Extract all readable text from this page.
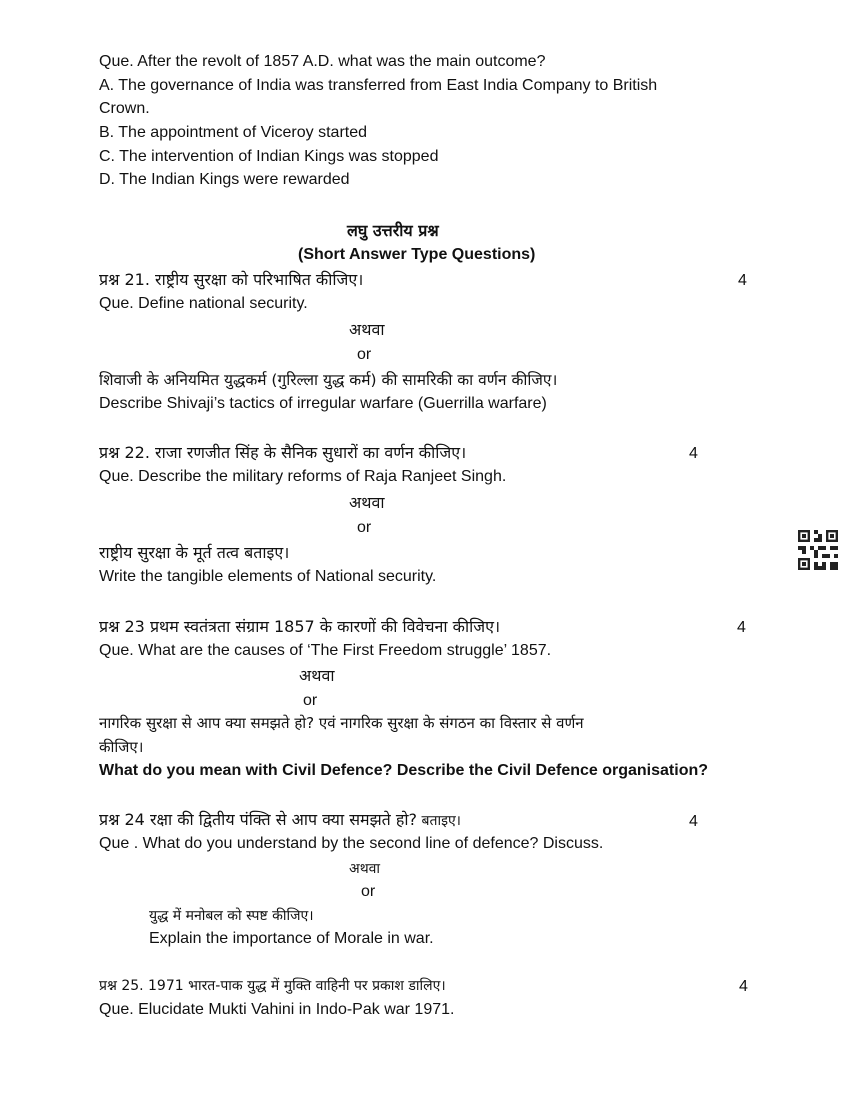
Que. After the revolt of 1857 A.D. what was the main outcome?
A. The governance of India was transferred from East India Company to British
Crown.
B. The appointment of Viceroy started
C. The intervention of Indian Kings was stopped
D. The Indian Kings were rewarded
लघु उत्तरीय प्रश्न
(Short Answer Type Questions)
प्रश्न 21. राष्ट्रीय सुरक्षा को परिभाषित कीजिए।	4
Que. Define national security.
अथवा
or
शिवाजी के अनियमित युद्धकर्म (गुरिल्ला युद्ध कर्म) की सामरिकी का वर्णन कीजिए।
Describe Shivaji’s tactics of irregular warfare (Guerrilla warfare)
प्रश्न 22. राजा रणजीत सिंह के सैनिक सुधारों का वर्णन कीजिए।	4
Que. Describe the military reforms of Raja Ranjeet Singh.
अथवा
or
राष्ट्रीय सुरक्षा के मूर्त तत्व बताइए।
Write the tangible elements of National security.
प्रश्न 23 प्रथम स्वतंत्रता संग्राम 1857 के कारणों की विवेचना कीजिए।	4
Que. What are the causes of ‘The First Freedom struggle’ 1857.
अथवा
or
नागरिक सुरक्षा से आप क्या समझते हो? एवं नागरिक सुरक्षा के संगठन का विस्तार से वर्णन
कीजिए।
What do you mean with Civil Defence? Describe the Civil Defence organisation?
प्रश्न 24 रक्षा की द्वितीय पंक्ति से आप क्या समझते हो? बताइए।	4
Que . What do you understand by the second line of defence? Discuss.
अथवा
or
युद्ध में मनोबल को स्पष्ट कीजिए।
Explain the importance of Morale in war.
प्रश्न 25. 1971 भारत-पाक युद्ध में मुक्ति वाहिनी पर प्रकाश डालिए।	4
Que. Elucidate Mukti Vahini in Indo-Pak war 1971.
